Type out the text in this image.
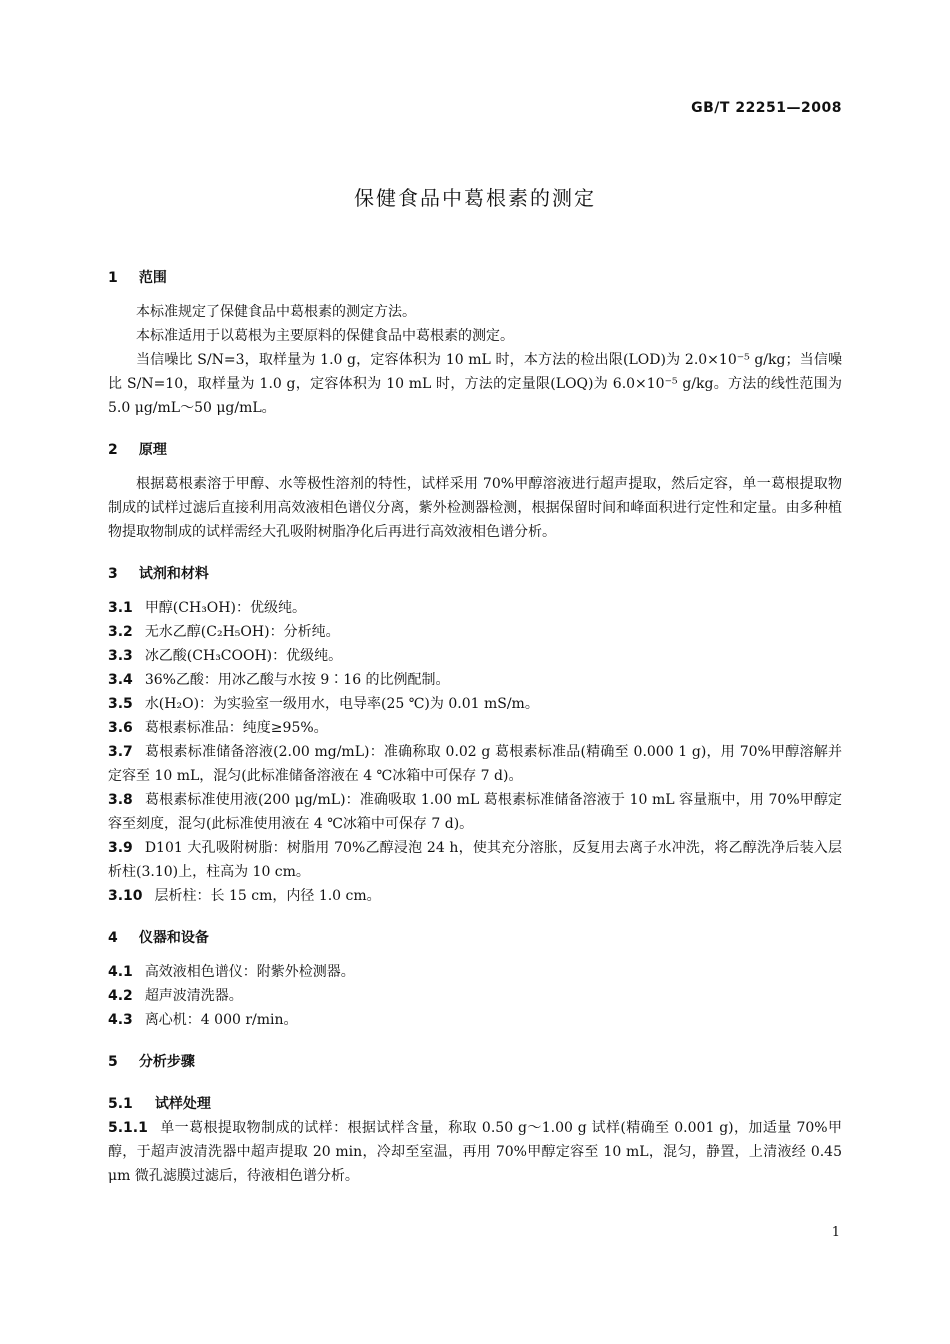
GB/T 22251—2008
保健食品中葛根素的测定
1 范围
本标准规定了保健食品中葛根素的测定方法。
本标准适用于以葛根为主要原料的保健食品中葛根素的测定。
当信噪比 S/N=3，取样量为 1.0 g，定容体积为 10 mL 时，本方法的检出限(LOD)为 2.0×10⁻⁵ g/kg；当信噪比 S/N=10，取样量为 1.0 g，定容体积为 10 mL 时，方法的定量限(LOQ)为 6.0×10⁻⁵ g/kg。方法的线性范围为 5.0 μg/mL～50 μg/mL。
2 原理
根据葛根素溶于甲醇、水等极性溶剂的特性，试样采用 70%甲醇溶液进行超声提取，然后定容，单一葛根提取物制成的试样过滤后直接利用高效液相色谱仪分离，紫外检测器检测，根据保留时间和峰面积进行定性和定量。由多种植物提取物制成的试样需经大孔吸附树脂净化后再进行高效液相色谱分析。
3 试剂和材料
3.1 甲醇(CH₃OH)：优级纯。
3.2 无水乙醇(C₂H₅OH)：分析纯。
3.3 冰乙酸(CH₃COOH)：优级纯。
3.4 36%乙酸：用冰乙酸与水按 9∶16 的比例配制。
3.5 水(H₂O)：为实验室一级用水，电导率(25 ℃)为 0.01 mS/m。
3.6 葛根素标准品：纯度≥95%。
3.7 葛根素标准储备溶液(2.00 mg/mL)：准确称取 0.02 g 葛根素标准品(精确至 0.000 1 g)，用 70%甲醇溶解并定容至 10 mL，混匀(此标准储备溶液在 4 ℃冰箱中可保存 7 d)。
3.8 葛根素标准使用液(200 μg/mL)：准确吸取 1.00 mL 葛根素标准储备溶液于 10 mL 容量瓶中，用 70%甲醇定容至刻度，混匀(此标准使用液在 4 ℃冰箱中可保存 7 d)。
3.9 D101 大孔吸附树脂：树脂用 70%乙醇浸泡 24 h，使其充分溶胀，反复用去离子水冲洗，将乙醇洗净后装入层析柱(3.10)上，柱高为 10 cm。
3.10 层析柱：长 15 cm，内径 1.0 cm。
4 仪器和设备
4.1 高效液相色谱仪：附紫外检测器。
4.2 超声波清洗器。
4.3 离心机：4 000 r/min。
5 分析步骤
5.1 试样处理
5.1.1 单一葛根提取物制成的试样：根据试样含量，称取 0.50 g～1.00 g 试样(精确至 0.001 g)，加适量 70%甲醇，于超声波清洗器中超声提取 20 min，冷却至室温，再用 70%甲醇定容至 10 mL，混匀，静置，上清液经 0.45 μm 微孔滤膜过滤后，待液相色谱分析。
1
